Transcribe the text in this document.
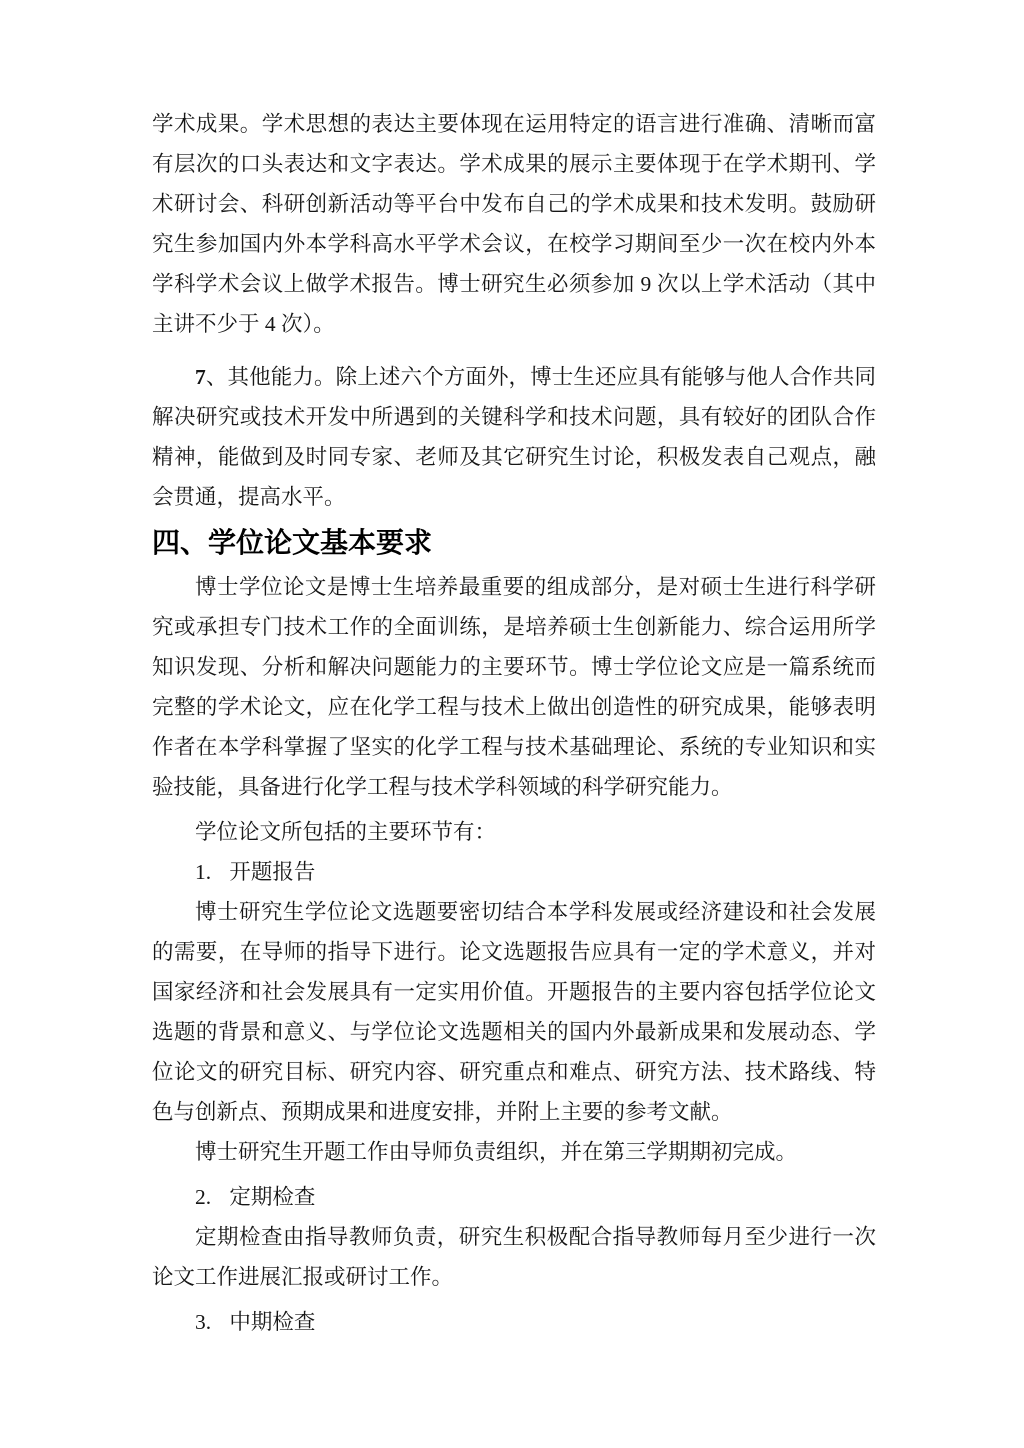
学术成果。学术思想的表达主要体现在运用特定的语言进行准确、清晰而富有层次的口头表达和文字表达。学术成果的展示主要体现于在学术期刊、学术研讨会、科研创新活动等平台中发布自己的学术成果和技术发明。鼓励研究生参加国内外本学科高水平学术会议，在校学习期间至少一次在校内外本学科学术会议上做学术报告。博士研究生必须参加 9 次以上学术活动（其中主讲不少于 4 次）。

7、其他能力。除上述六个方面外，博士生还应具有能够与他人合作共同解决研究或技术开发中所遇到的关键科学和技术问题，具有较好的团队合作精神，能做到及时同专家、老师及其它研究生讨论，积极发表自己观点，融会贯通，提高水平。

四、学位论文基本要求

博士学位论文是博士生培养最重要的组成部分，是对硕士生进行科学研究或承担专门技术工作的全面训练，是培养硕士生创新能力、综合运用所学知识发现、分析和解决问题能力的主要环节。博士学位论文应是一篇系统而完整的学术论文，应在化学工程与技术上做出创造性的研究成果，能够表明作者在本学科掌握了坚实的化学工程与技术基础理论、系统的专业知识和实验技能，具备进行化学工程与技术学科领域的科学研究能力。

学位论文所包括的主要环节有：

1. 开题报告

博士研究生学位论文选题要密切结合本学科发展或经济建设和社会发展的需要，在导师的指导下进行。论文选题报告应具有一定的学术意义，并对国家经济和社会发展具有一定实用价值。开题报告的主要内容包括学位论文选题的背景和意义、与学位论文选题相关的国内外最新成果和发展动态、学位论文的研究目标、研究内容、研究重点和难点、研究方法、技术路线、特色与创新点、预期成果和进度安排，并附上主要的参考文献。

博士研究生开题工作由导师负责组织，并在第三学期期初完成。

2. 定期检查

定期检查由指导教师负责，研究生积极配合指导教师每月至少进行一次论文工作进展汇报或研讨工作。

3. 中期检查
